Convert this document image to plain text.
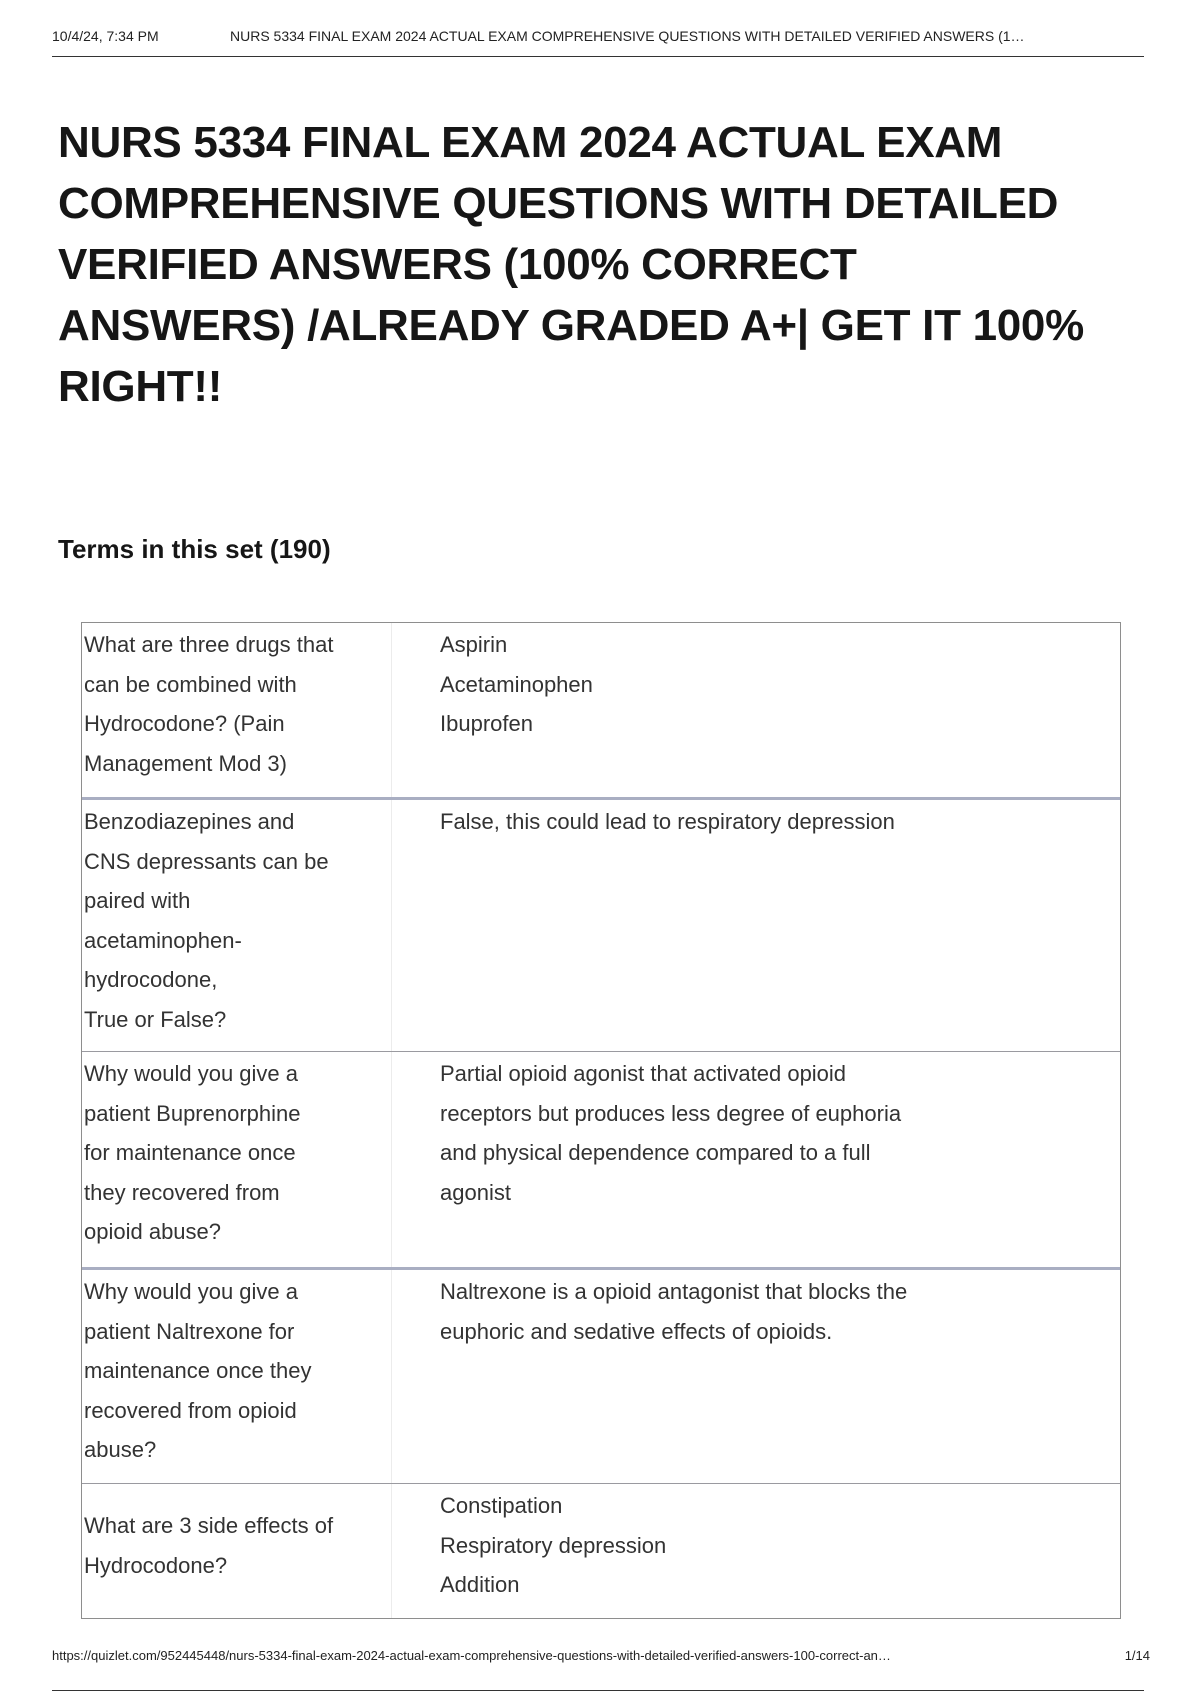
10/4/24, 7:34 PM	NURS 5334 FINAL EXAM 2024 ACTUAL EXAM COMPREHENSIVE QUESTIONS WITH DETAILED VERIFIED ANSWERS (1…
NURS 5334 FINAL EXAM 2024 ACTUAL EXAM
COMPREHENSIVE QUESTIONS WITH DETAILED
VERIFIED ANSWERS (100% CORRECT
ANSWERS) /ALREADY GRADED A+| GET IT 100%
RIGHT!!
Terms in this set (190)
What are three drugs that
can be combined with
Hydrocodone? (Pain
Management Mod 3)
Aspirin
Acetaminophen
Ibuprofen
Benzodiazepines and
CNS depressants can be
paired with
acetaminophen-
hydrocodone,
True or False?
False, this could lead to respiratory depression
Why would you give a
patient Buprenorphine
for maintenance once
they recovered from
opioid abuse?
Partial opioid agonist that activated opioid
receptors but produces less degree of euphoria
and physical dependence compared to a full
agonist
Why would you give a
patient Naltrexone for
maintenance once they
recovered from opioid
abuse?
Naltrexone is a opioid antagonist that blocks the
euphoric and sedative effects of opioids.
What are 3 side effects of
Hydrocodone?
Constipation
Respiratory depression
Addition
https://quizlet.com/952445448/nurs-5334-final-exam-2024-actual-exam-comprehensive-questions-with-detailed-verified-answers-100-correct-an…	1/14
